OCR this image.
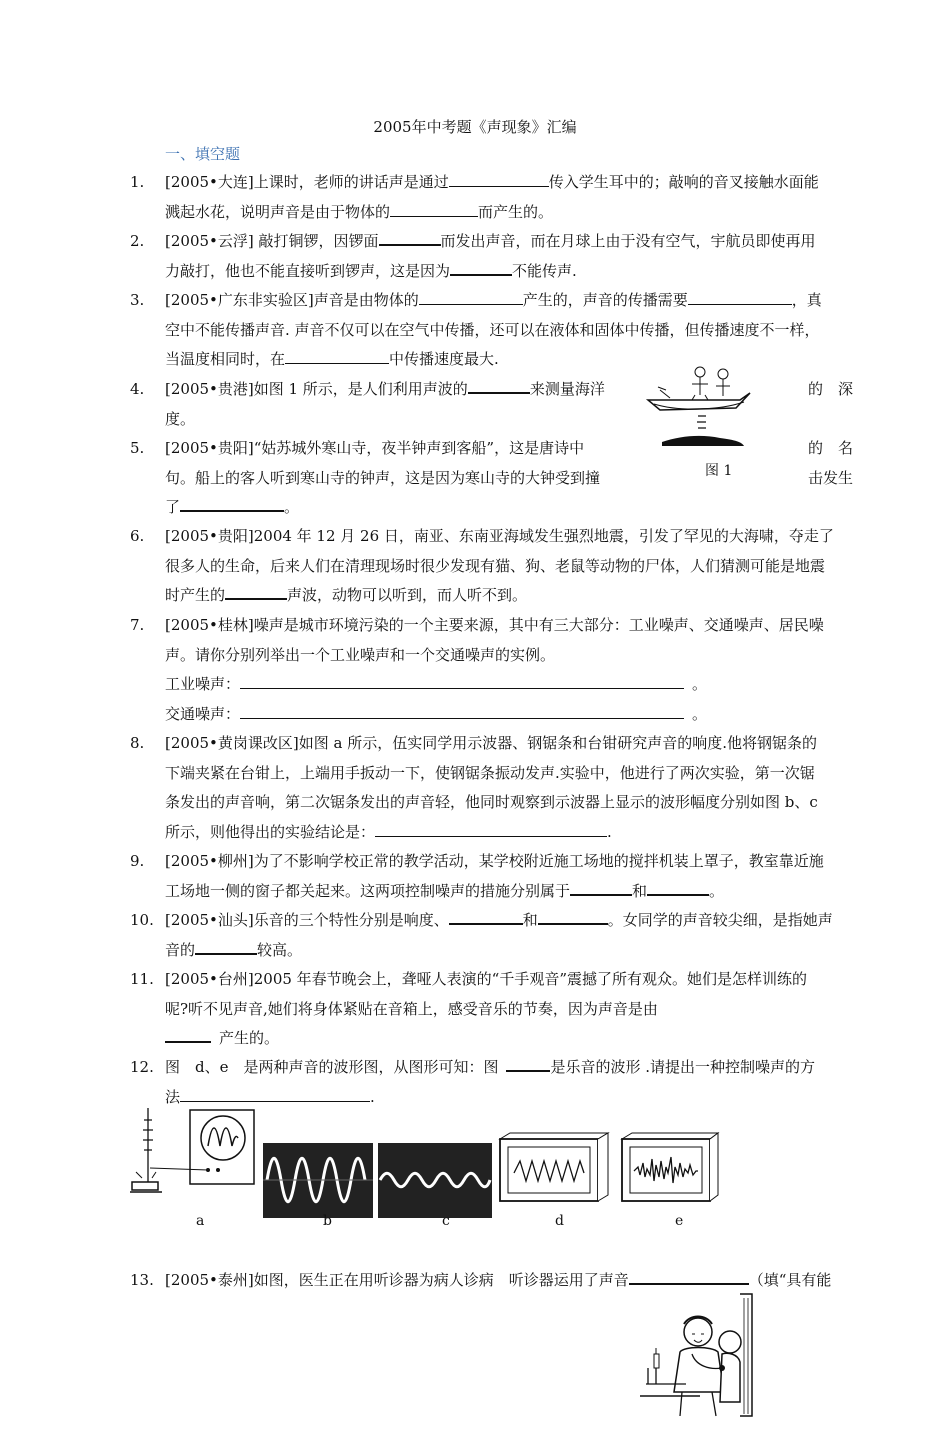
2005年中考题《声现象》汇编
一、填空题
1.	[2005•大连]上课时，老师的讲话声是通过	传入学生耳中的；敲响的音叉接触水面能
溅起水花，说明声音是由于物体的	而产生的。
2.	[2005•云浮] 敲打铜锣，因锣面	而发出声音，而在月球上由于没有空气，宇航员即使再用
力敲打，他也不能直接听到锣声，这是因为	不能传声.
3.	[2005•广东非实验区]声音是由物体的	产生的，声音的传播需要	，真
空中不能传播声音. 声音不仅可以在空气中传播，还可以在液体和固体中传播，但传播速度不一样，
当温度相同时，在	中传播速度最大.
4.	[2005•贵港]如图 1 所示，是人们利用声波的	来测量海洋
度。
的　深
5.	[2005•贵阳]“姑苏城外寒山寺，夜半钟声到客船”，这是唐诗中
句。船上的客人听到寒山寺的钟声，这是因为寒山寺的大钟受到撞
了	。
的　名
击发生
图 1
6.	[2005•贵阳]2004 年 12 月 26 日，南亚、东南亚海域发生强烈地震，引发了罕见的大海啸，夺走了
很多人的生命，后来人们在清理现场时很少发现有猫、狗、老鼠等动物的尸体，人们猜测可能是地震
时产生的	声波，动物可以听到，而人听不到。
7.	[2005•桂林]噪声是城市环境污染的一个主要来源，其中有三大部分：工业噪声、交通噪声、居民噪
声。请你分别列举出一个工业噪声和一个交通噪声的实例。
工业噪声：	。
交通噪声：	。
8.	[2005•黄岗课改区]如图 a 所示，伍实同学用示波器、钢锯条和台钳研究声音的响度.他将钢锯条的
下端夹紧在台钳上，上端用手扳动一下，使钢锯条振动发声.实验中，他进行了两次实验，第一次锯
条发出的声音响，第二次锯条发出的声音轻，他同时观察到示波器上显示的波形幅度分别如图 b、c
所示，则他得出的实验结论是：	.
9.	[2005•柳州]为了不影响学校正常的教学活动，某学校附近施工场地的搅拌机装上罩子，教室靠近施
工场地一侧的窗子都关起来。这两项控制噪声的措施分别属于	和	。
10. [2005•汕头]乐音的三个特性分别是响度、	和	。女同学的声音较尖细，是指她声
音的	较高。
11. [2005•台州]2005 年春节晚会上，聋哑人表演的“千手观音”震撼了所有观众。她们是怎样训练的
呢?听不见声音,她们将身体紧贴在音箱上，感受音乐的节奏，因为声音是由
产生的。
12. 图　d、e　是两种声音的波形图，从图形可知：图	是乐音的波形 .请提出一种控制噪声的方
法	.
a	b	c	d	e
13. [2005•泰州]如图，医生正在用听诊器为病人诊病　听诊器运用了声音	（填“具有能
